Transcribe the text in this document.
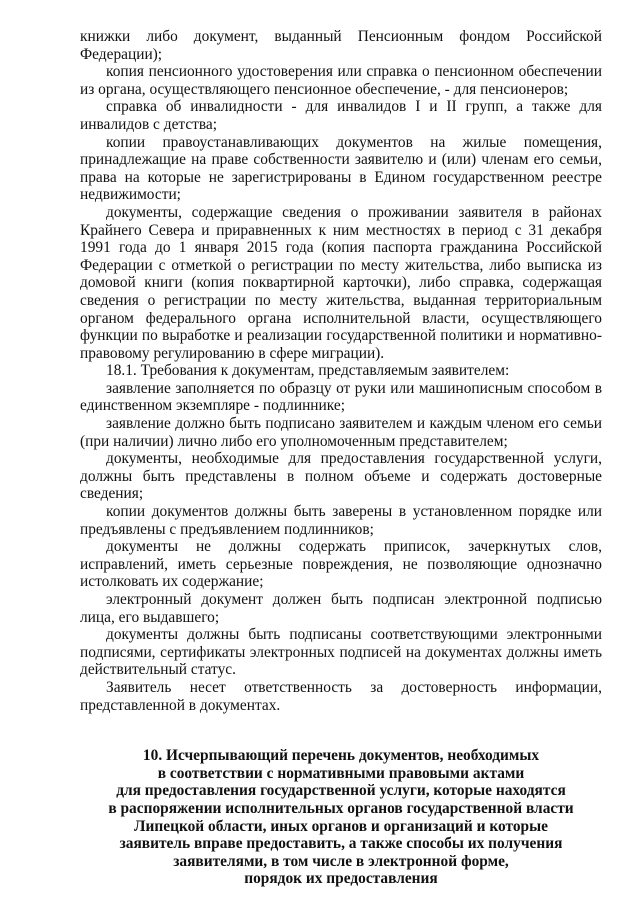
книжки либо документ, выданный Пенсионным фондом Российской Федерации);

копия пенсионного удостоверения или справка о пенсионном обеспечении из органа, осуществляющего пенсионное обеспечение, - для пенсионеров;

справка об инвалидности - для инвалидов I и II групп, а также для инвалидов с детства;

копии правоустанавливающих документов на жилые помещения, принадлежащие на праве собственности заявителю и (или) членам его семьи, права на которые не зарегистрированы в Едином государственном реестре недвижимости;

документы, содержащие сведения о проживании заявителя в районах Крайнего Севера и приравненных к ним местностях в период с 31 декабря 1991 года до 1 января 2015 года (копия паспорта гражданина Российской Федерации с отметкой о регистрации по месту жительства, либо выписка из домовой книги (копия поквартирной карточки), либо справка, содержащая сведения о регистрации по месту жительства, выданная территориальным органом федерального органа исполнительной власти, осуществляющего функции по выработке и реализации государственной политики и нормативно-правовому регулированию в сфере миграции).

18.1. Требования к документам, представляемым заявителем:

заявление заполняется по образцу от руки или машинописным способом в единственном экземпляре - подлиннике;

заявление должно быть подписано заявителем и каждым членом его семьи (при наличии) лично либо его уполномоченным представителем;

документы, необходимые для предоставления государственной услуги, должны быть представлены в полном объеме и содержать достоверные сведения;

копии документов должны быть заверены в установленном порядке или предъявлены с предъявлением подлинников;

документы не должны содержать приписок, зачеркнутых слов, исправлений, иметь серьезные повреждения, не позволяющие однозначно истолковать их содержание;

электронный документ должен быть подписан электронной подписью лица, его выдавшего;

документы должны быть подписаны соответствующими электронными подписями, сертификаты электронных подписей на документах должны иметь действительный статус.

Заявитель несет ответственность за достоверность информации, представленной в документах.

10. Исчерпывающий перечень документов, необходимых
в соответствии с нормативными правовыми актами
для предоставления государственной услуги, которые находятся
в распоряжении исполнительных органов государственной власти
Липецкой области, иных органов и организаций и которые
заявитель вправе предоставить, а также способы их получения
заявителями, в том числе в электронной форме,
порядок их предоставления
